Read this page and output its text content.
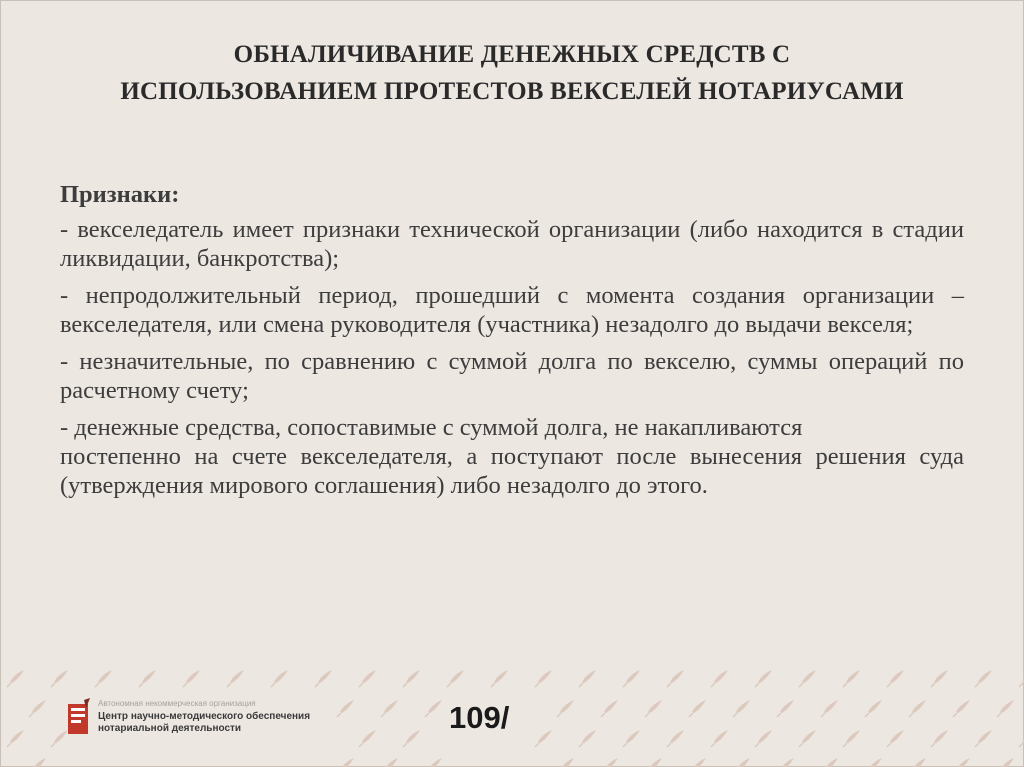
ОБНАЛИЧИВАНИЕ ДЕНЕЖНЫХ СРЕДСТВ С
ИСПОЛЬЗОВАНИЕМ ПРОТЕСТОВ ВЕКСЕЛЕЙ НОТАРИУСАМИ
Признаки:
- векселедатель имеет признаки технической организации (либо находится в стадии ликвидации, банкротства);
- непродолжительный период, прошедший с момента создания организации – векселедателя, или смена руководителя (участника) незадолго до выдачи векселя;
- незначительные, по сравнению с суммой долга по векселю, суммы операций по расчетному счету;
- денежные средства, сопоставимые с суммой долга, не накапливаются
постепенно на счете векселедателя, а поступают после вынесения решения суда (утверждения мирового соглашения) либо незадолго до этого.
Автономная некоммерческая организация
Центр научно-методического обеспечения
нотариальной деятельности	109/
